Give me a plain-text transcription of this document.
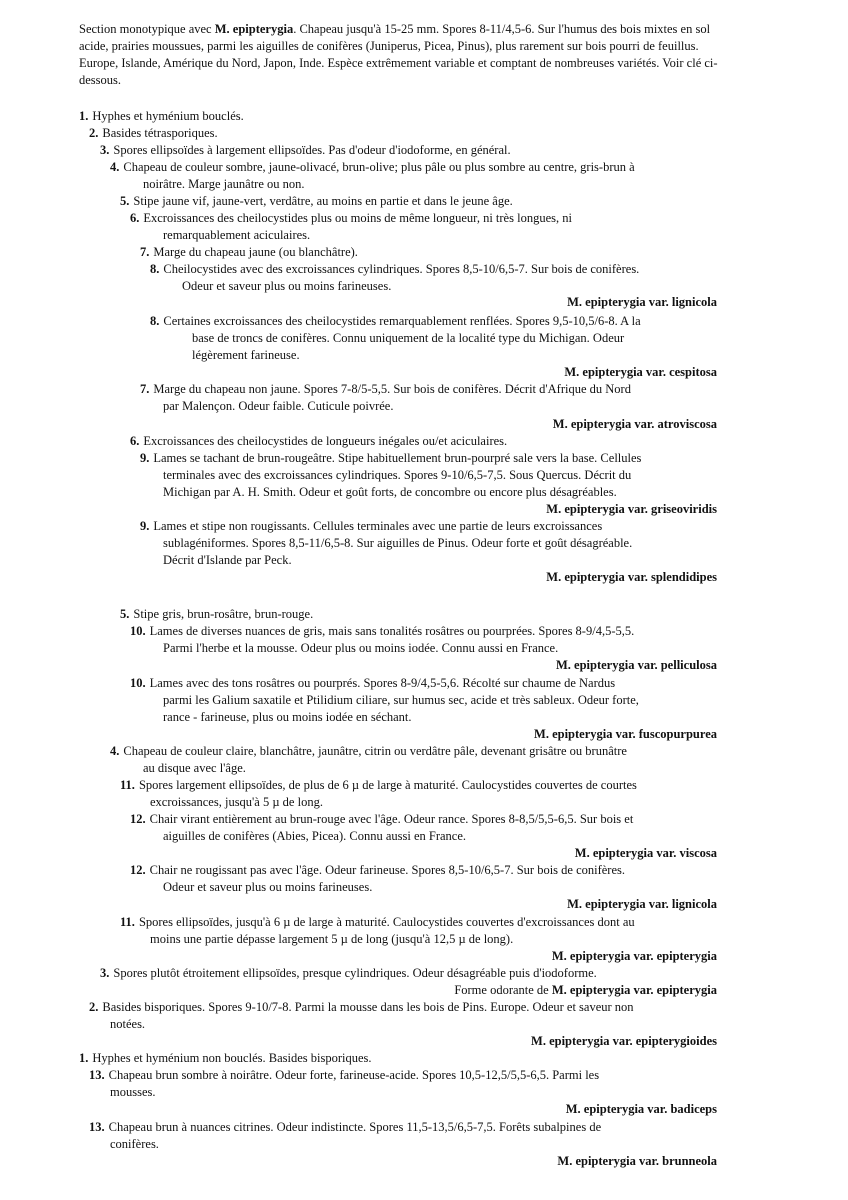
Section monotypique avec M. epipterygia. Chapeau jusqu'à 15-25 mm. Spores 8-11/4,5-6. Sur l'humus des bois mixtes en sol acide, prairies moussues, parmi les aiguilles de conifères (Juniperus, Picea, Pinus), plus rarement sur bois pourri de feuillus. Europe, Islande, Amérique du Nord, Japon, Inde. Espèce extrêmement variable et comptant de nombreuses variétés. Voir clé ci-dessous.

1. Hyphes et hyménium bouclés.
2. Basides tétrasporiques.
3. Spores ellipsoïdes à largement ellipsoïdes. Pas d'odeur d'iodoforme, en général.
4. Chapeau de couleur sombre, jaune-olivacé, brun-olive; plus pâle ou plus sombre au centre, gris-brun à
noirâtre. Marge jaunâtre ou non.
5. Stipe jaune vif, jaune-vert, verdâtre, au moins en partie et dans le jeune âge.
6. Excroissances des cheilocystides plus ou moins de même longueur, ni très longues, ni
remarquablement aciculaires.
7. Marge du chapeau jaune (ou blanchâtre).
8. Cheilocystides avec des excroissances cylindriques. Spores 8,5-10/6,5-7. Sur bois de conifères.
Odeur et saveur plus ou moins farineuses.
M. epipterygia var. lignicola
8. Certaines excroissances des cheilocystides remarquablement renflées. Spores 9,5-10,5/6-8. A la
base de troncs de conifères. Connu uniquement de la localité type du Michigan. Odeur
légèrement farineuse.
M. epipterygia var. cespitosa
7. Marge du chapeau non jaune. Spores 7-8/5-5,5. Sur bois de conifères. Décrit d'Afrique du Nord
par Malençon. Odeur faible. Cuticule poivrée.
M. epipterygia var. atroviscosa
6. Excroissances des cheilocystides de longueurs inégales ou/et aciculaires.
9. Lames se tachant de brun-rougeâtre. Stipe habituellement brun-pourpré sale vers la base. Cellules
terminales avec des excroissances cylindriques. Spores 9-10/6,5-7,5. Sous Quercus. Décrit du
Michigan par A. H. Smith. Odeur et goût forts, de concombre ou encore plus désagréables.
M. epipterygia var. griseoviridis
9. Lames et stipe non rougissants. Cellules terminales avec une partie de leurs excroissances
sublagéniformes. Spores 8,5-11/6,5-8. Sur aiguilles de Pinus. Odeur forte et goût désagréable.
Décrit d'Islande par Peck.
M. epipterygia var. splendidipes
5. Stipe gris, brun-rosâtre, brun-rouge.
10. Lames de diverses nuances de gris, mais sans tonalités rosâtres ou pourprées. Spores 8-9/4,5-5,5.
Parmi l'herbe et la mousse. Odeur plus ou moins iodée. Connu aussi en France.
M. epipterygia var. pelliculosa
10. Lames avec des tons rosâtres ou pourprés. Spores 8-9/4,5-5,6. Récolté sur chaume de Nardus
parmi les Galium saxatile et Ptilidium ciliare, sur humus sec, acide et très sableux. Odeur forte,
rance - farineuse, plus ou moins iodée en séchant.
M. epipterygia var. fuscopurpurea
4. Chapeau de couleur claire, blanchâtre, jaunâtre, citrin ou verdâtre pâle, devenant grisâtre ou brunâtre
au disque avec l'âge.
11. Spores largement ellipsoïdes, de plus de 6 µ de large à maturité. Caulocystides couvertes de courtes
excroissances, jusqu'à 5 µ de long.
12. Chair virant entièrement au brun-rouge avec l'âge. Odeur rance. Spores 8-8,5/5,5-6,5. Sur bois et
aiguilles de conifères (Abies, Picea). Connu aussi en France.
M. epipterygia var. viscosa
12. Chair ne rougissant pas avec l'âge. Odeur farineuse. Spores 8,5-10/6,5-7. Sur bois de conifères.
Odeur et saveur plus ou moins farineuses.
M. epipterygia var. lignicola
11. Spores ellipsoïdes, jusqu'à 6 µ de large à maturité. Caulocystides couvertes d'excroissances dont au
moins une partie dépasse largement 5 µ de long (jusqu'à 12,5 µ de long).
M. epipterygia var. epipterygia
3. Spores plutôt étroitement ellipsoïdes, presque cylindriques. Odeur désagréable puis d'iodoforme.
Forme odorante de M. epipterygia var. epipterygia
2. Basides bisporiques. Spores 9-10/7-8. Parmi la mousse dans les bois de Pins. Europe. Odeur et saveur non
notées.
M. epipterygia var. epipterygioides
1. Hyphes et hyménium non bouclés. Basides bisporiques.
13. Chapeau brun sombre à noirâtre. Odeur forte, farineuse-acide. Spores 10,5-12,5/5,5-6,5. Parmi les
mousses.
M. epipterygia var. badiceps
13. Chapeau brun à nuances citrines. Odeur indistincte. Spores 11,5-13,5/6,5-7,5. Forêts subalpines de
conifères.
M. epipterygia var. brunneola
